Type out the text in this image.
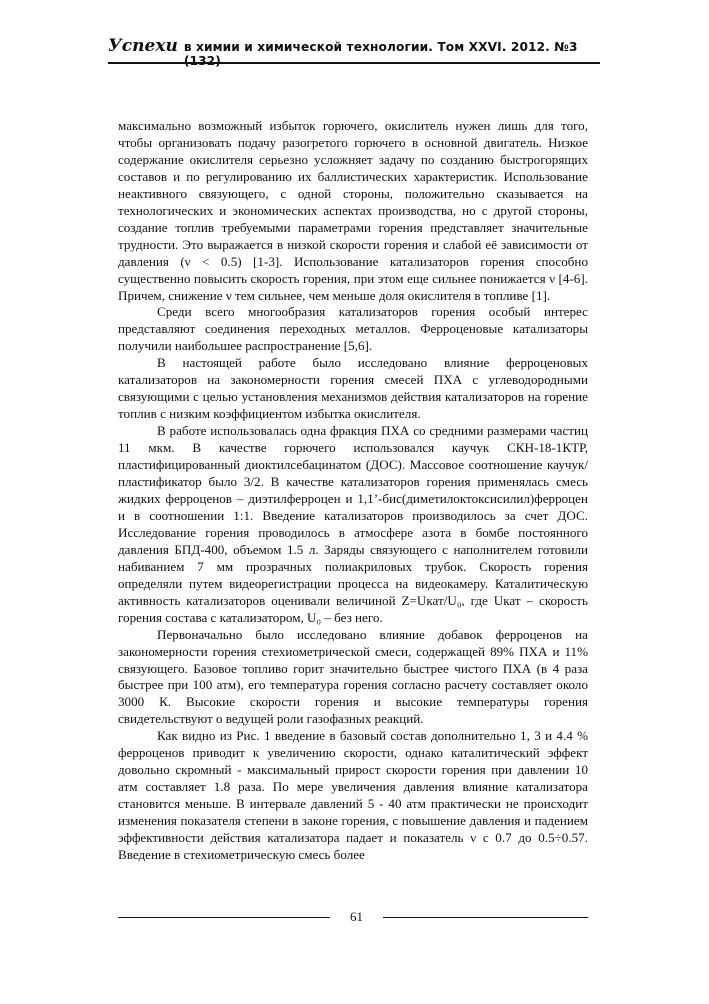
Успехи в химии и химической технологии. Том XXVI. 2012. №3 (132)

максимально возможный избыток горючего, окислитель нужен лишь для того, чтобы организовать подачу разогретого горючего в основной двигатель. Низкое содержание окислителя серьезно усложняет задачу по созданию быстрогорящих составов и по регулированию их баллистических характеристик. Использование неактивного связующего, с одной стороны, положительно сказывается на технологических и экономических аспектах производства, но с другой стороны, создание топлив требуемыми параметрами горения представляет значительные трудности. Это выражается в низкой скорости горения и слабой её зависимости от давления (ν < 0.5) [1-3]. Использование катализаторов горения способно существенно повысить скорость горения, при этом еще сильнее понижается ν [4-6]. Причем, снижение ν тем сильнее, чем меньше доля окислителя в топливе [1].

Среди всего многообразия катализаторов горения особый интерес представляют соединения переходных металлов. Ферроценовые катализаторы получили наибольшее распространение [5,6].

В настоящей работе было исследовано влияние ферроценовых катализаторов на закономерности горения смесей ПХА с углеводородными связующими с целью установления механизмов действия катализаторов на горение топлив с низким коэффициентом избытка окислителя.

В работе использовалась одна фракция ПХА со средними размерами частиц 11 мкм. В качестве горючего использовался каучук СКН-18-1КТР, пластифицированный диоктилсебацинатом (ДОС). Массовое соотношение каучук/пластификатор было 3/2. В качестве катализаторов горения применялась смесь жидких ферроценов – диэтилферроцен и 1,1’-бис(диметилоктоксисилил)ферроцен и в соотношении 1:1. Введение катализаторов производилось за счет ДОС. Исследование горения проводилось в атмосфере азота в бомбе постоянного давления БПД-400, объемом 1.5 л. Заряды связующего с наполнителем готовили набиванием 7 мм прозрачных полиакриловых трубок. Скорость горения определяли путем видеорегистрации процесса на видеокамеру. Каталитическую активность катализаторов оценивали величиной Z=Uкат/U₀, где Uкат – скорость горения состава с катализатором, U₀ – без него.

Первоначально было исследовано влияние добавок ферроценов на закономерности горения стехиометрической смеси, содержащей 89% ПХА и 11% связующего. Базовое топливо горит значительно быстрее чистого ПХА (в 4 раза быстрее при 100 атм), его температура горения согласно расчету составляет около 3000 К. Высокие скорости горения и высокие температуры горения свидетельствуют о ведущей роли газофазных реакций.

Как видно из Рис. 1 введение в базовый состав дополнительно 1, 3 и 4.4 % ферроценов приводит к увеличению скорости, однако каталитический эффект довольно скромный - максимальный прирост скорости горения при давлении 10 атм составляет 1.8 раза. По мере увеличения давления влияние катализатора становится меньше. В интервале давлений 5 - 40 атм практически не происходит изменения показателя степени в законе горения, с повышение давления и падением эффективности действия катализатора падает и показатель ν с 0.7 до 0.5÷0.57. Введение в стехиометрическую смесь более

61
